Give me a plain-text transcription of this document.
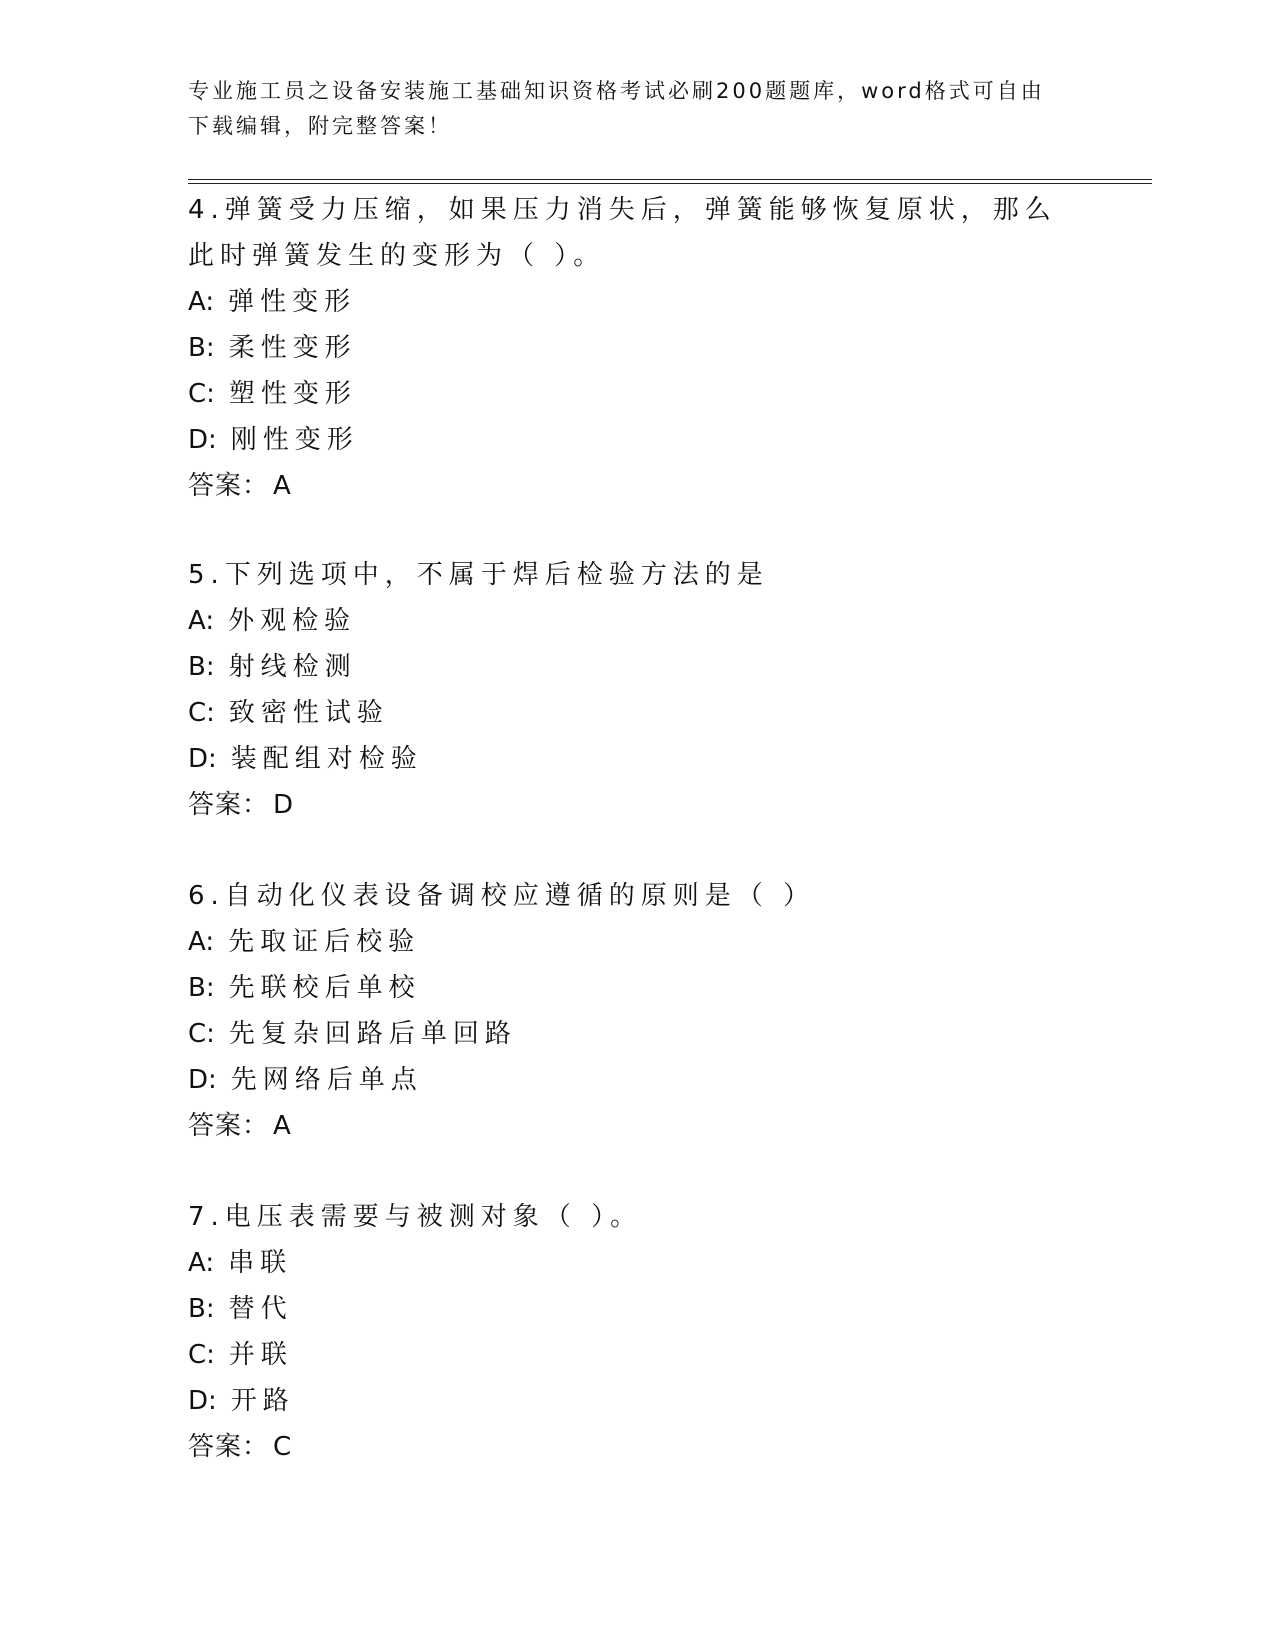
专业施工员之设备安装施工基础知识资格考试必刷200题题库，word格式可自由
下载编辑，附完整答案！
4.弹簧受力压缩，如果压力消失后，弹簧能够恢复原状，那么此时弹簧发生的变形为（ ）。
A: 弹性变形
B: 柔性变形
C: 塑性变形
D: 刚性变形
答案： A
5.下列选项中，不属于焊后检验方法的是
A: 外观检验
B: 射线检测
C: 致密性试验
D: 装配组对检验
答案： D
6.自动化仪表设备调校应遵循的原则是（ ）
A: 先取证后校验
B: 先联校后单校
C: 先复杂回路后单回路
D: 先网络后单点
答案： A
7.电压表需要与被测对象（ ）。
A: 串联
B: 替代
C: 并联
D: 开路
答案： C
